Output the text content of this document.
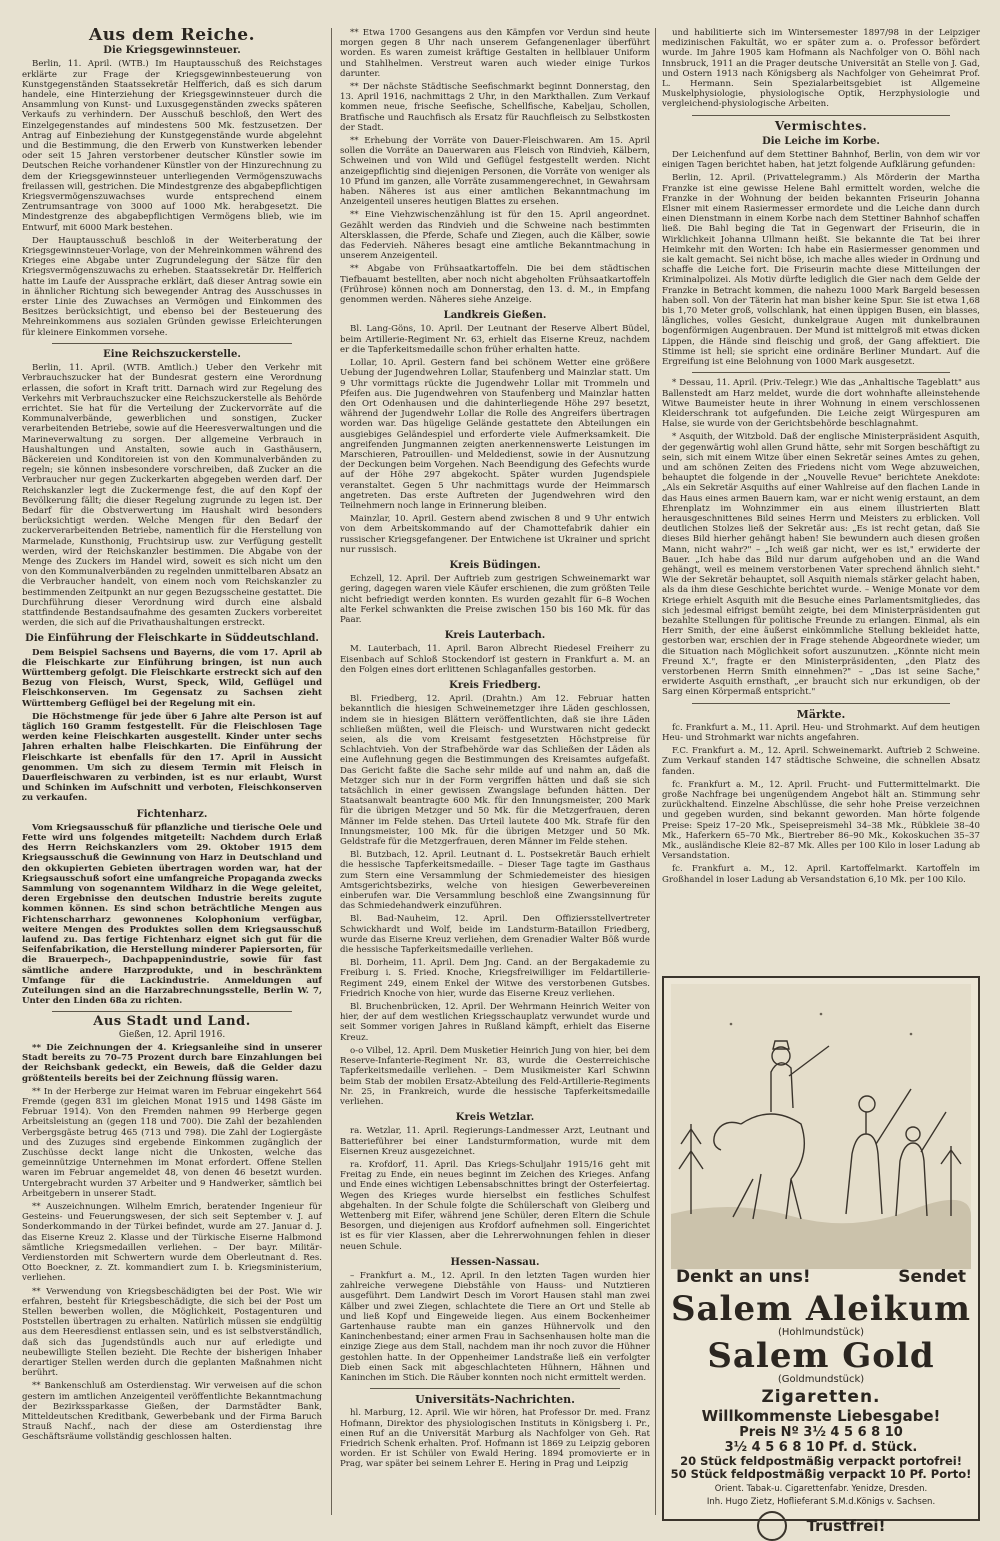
Aus dem Reiche.
Die Kriegsgewinnsteuer.

Berlin, 11. April. (WTB.) Im Hauptausschuß des Reichstages erklärte zur Frage der Kriegsgewinnbesteuerung von Kunstgegenständen Staatssekretär Helfferich, daß es sich darum handele, eine Hinterziehung der Kriegsgewinnsteuer durch die Ansammlung von Kunst- und Luxusgegenständen zwecks späteren Verkaufs zu verhindern. Der Ausschuß beschloß, den Wert des Einzelgegenstandes auf mindestens 500 Mk. festzusetzen. Der Antrag auf Einbeziehung der Kunstgegenstände wurde abgelehnt und die Bestimmung, die den Erwerb von Kunstwerken lebender oder seit 15 Jahren verstorbener deutscher Künstler sowie im Deutschen Reiche vorhandener Künstler von der Hinzurechnung zu dem der Kriegsgewinnsteuer unterliegenden Vermögenszuwachs freilassen will, gestrichen. Die Mindestgrenze des abgabepflichtigen Kriegsvermögenszuwachses wurde entsprechend einem Zentrumsantrage von 3000 auf 1000 Mk. herabgesetzt. Die Mindestgrenze des abgabepflichtigen Vermögens blieb, wie im Entwurf, mit 6000 Mark bestehen.

Der Hauptausschuß beschloß in der Weiterberatung der Kriegsgewinnsteuer-Vorlage, von der Mehreinkommen während des Krieges eine Abgabe unter Zugrundelegung der Sätze für den Kriegsvermögenszuwachs zu erheben. Staatssekretär Dr. Helfferich hatte im Laufe der Aussprache erklärt, daß dieser Antrag sowie ein in ähnlicher Richtung sich bewegender Antrag des Ausschusses in erster Linie des Zuwachses an Vermögen und Einkommen des Besitzes berücksichtigt, und ebenso bei der Besteuerung des Mehreinkommens aus sozialen Gründen gewisse Erleichterungen für kleinere Einkommen vorsehe.

Eine Reichszuckerstelle.

Berlin, 11. April. (WTB. Amtlich.) Ueber den Verkehr mit Verbrauchszucker hat der Bundesrat gestern eine Verordnung erlassen, die sofort in Kraft tritt. Darnach wird zur Regelung des Verkehrs mit Verbrauchszucker eine Reichszuckerstelle als Behörde errichtet. Sie hat für die Verteilung der Zuckervorräte auf die Kommunalverbände, gewerblichen und sonstigen, Zucker verarbeitenden Betriebe, sowie auf die Heeresverwaltungen und die Marineverwaltung zu sorgen. Der allgemeine Verbrauch in Haushaltungen und Anstalten, sowie auch in Gasthäusern, Bäckereien und Konditoreien ist von den Kommunalverbänden zu regeln; sie können insbesondere vorschreiben, daß Zucker an die Verbraucher nur gegen Zuckerkarten abgegeben werden darf. Der Reichskanzler legt die Zuckermenge fest, die auf den Kopf der Bevölkerung fällt; die dieser Regelung zugrunde zu legen ist. Der Bedarf für die Obstverwertung im Haushalt wird besonders berücksichtigt werden. Welche Mengen für den Bedarf der zuckerverarbeitenden Betriebe, namentlich für die Herstellung von Marmelade, Kunsthonig, Fruchtsirup usw. zur Verfügung gestellt werden, wird der Reichskanzler bestimmen. Die Abgabe von der Menge des Zuckers im Handel wird, soweit es sich nicht um den von den Kommunalverbänden zu regelnden unmittelbaren Absatz an die Verbraucher handelt, von einem noch vom Reichskanzler zu bestimmenden Zeitpunkt an nur gegen Bezugsscheine gestattet. Die Durchführung dieser Verordnung wird durch eine alsbald stattfindende Bestandsaufnahme des gesamten Zuckers vorbereitet werden, die sich auf die Privathaushaltungen erstreckt.

Die Einführung der Fleischkarte in Süddeutschland.

Dem Beispiel Sachsens und Bayerns, die vom 17. April ab die Fleischkarte zur Einführung bringen, ist nun auch Württemberg gefolgt. Die Fleischkarte erstreckt sich auf den Bezug von Fleisch, Wurst, Speck, Wild, Geflügel und Fleischkonserven. Im Gegensatz zu Sachsen zieht Württemberg Geflügel bei der Regelung mit ein.

Die Höchstmenge für jede über 6 Jahre alte Person ist auf täglich 160 Gramm festgestellt. Für die Fleischlosen Tage werden keine Fleischkarten ausgestellt. Kinder unter sechs Jahren erhalten halbe Fleischkarten. Die Einführung der Fleischkarte ist ebenfalls für den 17. April in Aussicht genommen. Um sich zu diesem Termin mit Fleisch in Dauerfleischwaren zu verbinden, ist es nur erlaubt, Wurst und Schinken im Aufschnitt und verboten, Fleischkonserven zu verkaufen.

Fichtenharz.

Vom Kriegsausschuß für pflanzliche und tierische Oele und Fette wird uns folgendes mitgeteilt: Nachdem durch Erlaß des Herrn Reichskanzlers vom 29. Oktober 1915 dem Kriegsausschuß die Gewinnung von Harz in Deutschland und den okkupierten Gebieten übertragen worden war, hat der Kriegsausschuß sofort eine umfangreiche Propaganda zwecks Sammlung von sogenanntem Wildharz in die Wege geleitet, deren Ergebnisse den deutschen Industrie bereits zugute kommen können. Es sind schon beträchtliche Mengen aus Fichtenscharrharz gewonnenes Kolophonium verfügbar, weitere Mengen des Produktes sollen dem Kriegsausschuß laufend zu. Das fertige Fichtenharz eignet sich gut für die Seifenfabrikation, die Herstellung minderer Papiersorten, für die Brauerpech-, Dachpappenindustrie, sowie für fast sämtliche andere Harzprodukte, und in beschränktem Umfange für die Lackindustrie. Anmeldungen auf Zuteilungen sind an die Harzabrechnungsstelle, Berlin W. 7, Unter den Linden 68a zu richten.

Aus Stadt und Land.
Gießen, 12. April 1916.

** Die Zeichnungen der 4. Kriegsanleihe sind in unserer Stadt bereits zu 70–75 Prozent durch bare Einzahlungen bei der Reichsbank gedeckt, ein Beweis, daß die Gelder dazu größtenteils bereits bei der Zeichnung flüssig waren.

** In der Herberge zur Heimat waren im Februar eingekehrt 564 Fremde (gegen 831 im gleichen Monat 1915 und 1498 Gäste im Februar 1914). Von den Fremden nahmen 99 Herberge gegen Arbeitsleistung an (gegen 118 und 700). Die Zahl der bezahlenden Verbergsgäste betrug 465 (713 und 798). Die Zahl der Logiergäste und des Zuzuges sind ergebende Einkommen zugänglich der Zuschüsse deckt lange nicht die Unkosten, welche das gemeinnützige Unternehmen im Monat erfordert. Offene Stellen waren im Februar angemeldet 48, von denen 46 besetzt wurden. Untergebracht wurden 37 Arbeiter und 9 Handwerker, sämtlich bei Arbeitgebern in unserer Stadt.

** Auszeichnungen. Wilhelm Emrich, beratender Ingenieur für Gesteins- und Feuerungswesen, der sich seit September v. J. auf Sonderkommando in der Türkei befindet, wurde am 27. Januar d. J. das Eiserne Kreuz 2. Klasse und der Türkische Eiserne Halbmond sämtliche Kriegsmedaillen verliehen. – Der bayr. Militär-Verdienstorden mit Schwertern wurde dem Oberleutnant d. Res. Otto Boeckner, z. Zt. kommandiert zum I. b. Kriegsministerium, verliehen.

** Verwendung von Kriegsbeschädigten bei der Post. Wie wir erfahren, besteht für Kriegsbeschädigte, die sich bei der Post um Stellen bewerben wollen, die Möglichkeit, Postagenturen und Poststellen übertragen zu erhalten. Natürlich müssen sie endgültig aus dem Heeresdienst entlassen sein, und es ist selbstverständlich, daß sich das Jugendstündls auch nur auf erledigte und neubewilligte Stellen bezieht. Die Rechte der bisherigen Inhaber derartiger Stellen werden durch die geplanten Maßnahmen nicht berührt.

** Bankenschluß am Osterdienstag. Wir verweisen auf die schon gestern im amtlichen Anzeigenteil veröffentlichte Bekanntmachung der Bezirkssparkasse Gießen, der Darmstädter Bank, Mitteldeutschen Kreditbank, Gewerbebank und der Firma Baruch Strauß Nachf., nach der diese am Osterdienstag ihre Geschäftsräume vollständig geschlossen halten.

** Etwa 1700 Gesangens aus den Kämpfen vor Verdun sind heute morgen gegen 8 Uhr nach unserem Gefangenenlager überführt worden. Es waren zumeist kräftige Gestalten in hellblauer Uniform und Stahlhelmen. Verstreut waren auch wieder einige Turkos darunter.

** Der nächste Städtische Seefischmarkt beginnt Donnerstag, den 13. April 1916, nachmittags 2 Uhr, in den Markthallen. Zum Verkauf kommen neue, frische Seefische, Schellfische, Kabeljau, Schollen, Bratfische und Rauchfisch als Ersatz für Rauchfleisch zu Selbstkosten der Stadt.

** Erhebung der Vorräte von Dauer-Fleischwaren. Am 15. April sollen die Vorräte an Dauerwaren aus Fleisch von Rindvieh, Kälbern, Schweinen und von Wild und Geflügel festgestellt werden. Nicht anzeigepflichtig sind diejenigen Personen, die Vorräte von weniger als 10 Pfund im ganzen, alle Vorräte zusammengerechnet, in Gewahrsam haben. Näheres ist aus einer amtlichen Bekanntmachung im Anzeigenteil unseres heutigen Blattes zu ersehen.

** Eine Viehzwischenzählung ist für den 15. April angeordnet. Gezählt werden das Rindvieh und die Schweine nach bestimmten Altersklassen, die Pferde, Schafe und Ziegen, auch die Kälber, sowie das Federvieh. Näheres besagt eine amtliche Bekanntmachung in unserem Anzeigenteil.

** Abgabe von Frühsaatkartoffeln. Die bei dem städtischen Tiefbauamt bestellten, aber noch nicht abgeholten Frühsaatkartoffeln (Frührose) können noch am Donnerstag, den 13. d. M., in Empfang genommen werden. Näheres siehe Anzeige.

Landkreis Gießen.

Bl. Lang-Göns, 10. April. Der Leutnant der Reserve Albert Büdel, beim Artillerie-Regiment Nr. 63, erhielt das Eiserne Kreuz, nachdem er die Tapferkeitsmedaille schon früher erhalten hatte.

Lollar, 10. April. Gestern fand bei schönem Wetter eine größere Uebung der Jugendwehren Lollar, Staufenberg und Mainzlar statt. Um 9 Uhr vormittags rückte die Jugendwehr Lollar mit Trommeln und Pfeifen aus. Die Jugendwehren von Staufenberg und Mainzlar hatten den Ort Odenhausen und die dahinterliegende Höhe 297 besetzt, während der Jugendwehr Lollar die Rolle des Angreifers übertragen worden war. Das hügelige Gelände gestattete den Abteilungen ein ausgiebiges Geländespiel und erforderte viele Aufmerksamkeit. Die angreifenden Jungmannen zeigten anerkennenswerte Leistungen im Marschieren, Patrouillen- und Meldedienst, sowie in der Ausnutzung der Deckungen beim Vorgehen. Nach Beendigung des Gefechts wurde auf der Höhe 297 abgekocht. Später wurden Jugendspiele veranstaltet. Gegen 5 Uhr nachmittags wurde der Heimmarsch angetreten. Das erste Auftreten der Jugendwehren wird den Teilnehmern noch lange in Erinnerung bleiben.

Mainzlar, 10. April. Gestern abend zwischen 8 und 9 Uhr entwich von dem Arbeitskommando auf der Chamottefabrik dahier ein russischer Kriegsgefangener. Der Entwichene ist Ukrainer und spricht nur russisch.

Kreis Büdingen.

Echzell, 12. April. Der Auftrieb zum gestrigen Schweinemarkt war gering, dagegen waren viele Käufer erschienen, die zum größten Teile nicht befriedigt werden konnten. Es wurden gezahlt für 6–8 Wochen alte Ferkel schwankten die Preise zwischen 150 bis 160 Mk. für das Paar.

Kreis Lauterbach.

M. Lauterbach, 11. April. Baron Albrecht Riedesel Freiherr zu Eisenbach auf Schloß Stockendorf ist gestern in Frankfurt a. M. an den Folgen eines dort erlittenen Schlaganfalles gestorben.

Kreis Friedberg.

Bl. Friedberg, 12. April. (Drahtn.) Am 12. Februar hatten bekanntlich die hiesigen Schweinemetzger ihre Läden geschlossen, indem sie in hiesigen Blättern veröffentlichten, daß sie ihre Läden schließen müßten, weil die Fleisch- und Wurstwaren nicht gedeckt seien, als die vom Kreisamt festgesetzten Höchstpreise für Schlachtvieh. Von der Strafbehörde war das Schließen der Läden als eine Auflehnung gegen die Bestimmungen des Kreisamtes aufgefaßt. Das Gericht faßte die Sache sehr milde auf und nahm an, daß die Metzger sich nur in der Form vergriffen hätten und daß sie sich tatsächlich in einer gewissen Zwangslage befunden hätten. Der Staatsanwalt beantragte 600 Mk. für den Innungsmeister, 200 Mark für die übrigen Metzger und 50 Mk. für die Metzgerfrauen, deren Männer im Felde stehen. Das Urteil lautete 400 Mk. Strafe für den Innungsmeister, 100 Mk. für die übrigen Metzger und 50 Mk. Geldstrafe für die Metzgerfrauen, deren Männer im Felde stehen.

Bl. Butzbach, 12. April. Leutnant d. L. Postsekretär Bauch erhielt die hessische Tapferkeitsmedaille. – Dieser Tage tagte im Gasthaus zum Stern eine Versammlung der Schmiedemeister des hiesigen Amtsgerichtsbezirks, welche von hiesigen Gewerbevereinen einberufen war. Die Versammlung beschloß eine Zwangsinnung für das Schmiedehandwerk einzuführen.

Bl. Bad-Nauheim, 12. April. Den Offiziersstellvertreter Schwickhardt und Wolf, beide im Landsturm-Bataillon Friedberg, wurde das Eiserne Kreuz verliehen, dem Grenadier Walter Böß wurde die hessische Tapferkeitsmedaille verliehen.

Bl. Dorheim, 11. April. Dem Jng. Cand. an der Bergakademie zu Freiburg i. S. Fried. Knoche, Kriegsfreiwilliger im Feldartillerie-Regiment 249, einem Enkel der Witwe des verstorbenen Gutsbes. Friedrich Knoche von hier, wurde das Eiserne Kreuz verliehen.

Bl. Bruchenbrücken, 12. April. Der Wehrmann Heinrich Weiter von hier, der auf dem westlichen Kriegsschauplatz verwundet wurde und seit Sommer vorigen Jahres in Rußland kämpft, erhielt das Eiserne Kreuz.

o-o Vilbel, 12. April. Dem Musketier Heinrich Jung von hier, bei dem Reserve-Infanterie-Regiment Nr. 83, wurde die Oesterreichische Tapferkeitsmedaille verliehen. – Dem Musikmeister Karl Schwinn beim Stab der mobilen Ersatz-Abteilung des Feld-Artillerie-Regiments Nr. 25, in Frankreich, wurde die hessische Tapferkeitsmedaille verliehen.

Kreis Wetzlar.

ra. Wetzlar, 11. April. Regierungs-Landmesser Arzt, Leutnant und Batterieführer bei einer Landsturmformation, wurde mit dem Eisernen Kreuz ausgezeichnet.

ra. Krofdorf, 11. April. Das Kriegs-Schuljahr 1915/16 geht mit Freitag zu Ende, ein neues beginnt im Zeichen des Krieges. Anfang und Ende eines wichtigen Lebensabschnittes bringt der Osterfeiertag. Wegen des Krieges wurde hierselbst ein festliches Schulfest abgehalten. In der Schule folgte die Schülerschaft von Gleiberg und Wettenberg mit Eifer, während jene Schüler, deren Eltern die Schule Besorgen, und diejenigen aus Krofdorf aufnehmen soll. Eingerichtet ist es für vier Klassen, aber die Lehrerwohnungen fehlen in dieser neuen Schule.

Hessen-Nassau.

– Frankfurt a. M., 12. April. In den letzten Tagen wurden hier zahlreiche verwegene Diebstähle von Hauss- und Nutztieren ausgeführt. Dem Landwirt Desch im Vorort Hausen stahl man zwei Kälber und zwei Ziegen, schlachtete die Tiere an Ort und Stelle ab und ließ Kopf und Eingeweide liegen. Aus einem Bockenheimer Gartenhause raubte man ein ganzes Hühnervolk und den Kaninchenbestand; einer armen Frau in Sachsenhausen holte man die einzige Ziege aus dem Stall, nachdem man ihr noch zuvor die Hühner gestohlen hatte. In der Oppenheimer Landstraße ließ ein verfolgter Dieb einen Sack mit abgeschlachteten Hühnern, Hähnen und Kaninchen im Stich. Die Räuber konnten noch nicht ermittelt werden.

Universitäts-Nachrichten.

hl. Marburg, 12. April. Wie wir hören, hat Professor Dr. med. Franz Hofmann, Direktor des physiologischen Instituts in Königsberg i. Pr., einen Ruf an die Universität Marburg als Nachfolger von Geh. Rat Friedrich Schenk erhalten. Prof. Hofmann ist 1869 zu Leipzig geboren worden. Er ist Schüler von Ewald Hering. 1894 promovierte er in Prag, war später bei seinem Lehrer E. Hering in Prag und Leipzig

und habilitierte sich im Wintersemester 1897/98 in der Leipziger medizinischen Fakultät, wo er später zum a. o. Professor befördert wurde. Im Jahre 1905 kam Hofmann als Nachfolger von O. Böhl nach Innsbruck, 1911 an die Prager deutsche Universität an Stelle von J. Gad, und Ostern 1913 nach Königsberg als Nachfolger von Geheimrat Prof. L. Hermann. Sein Spezialarbeitsgebiet ist Allgemeine Muskelphysiologie, physiologische Optik, Herzphysiologie und vergleichend-physiologische Arbeiten.

Vermischtes.
Die Leiche im Korbe.

Der Leichenfund auf dem Stettiner Bahnhof, Berlin, von dem wir vor einigen Tagen berichtet haben, hat jetzt folgende Aufklärung gefunden:

Berlin, 12. April. (Privattelegramm.) Als Mörderin der Martha Franzke ist eine gewisse Helene Bahl ermittelt worden, welche die Franzke in der Wohnung der beiden bekannten Friseurin Johanna Elsner mit einem Rasiermesser ermordete und die Leiche dann durch einen Dienstmann in einem Korbe nach dem Stettiner Bahnhof schaffen ließ. Die Bahl beging die Tat in Gegenwart der Friseurin, die in Wirklichkeit Johanna Ullmann heißt. Sie bekannte die Tat bei ihrer Heimkehr mit den Worten: Ich habe ein Rasiermesser genommen und sie kalt gemacht. Sei nicht böse, ich mache alles wieder in Ordnung und schaffe die Leiche fort. Die Friseurin machte diese Mitteilungen der Kriminalpolizei. Als Motiv dürfte lediglich die Gier nach dem Gelde der Franzke in Betracht kommen, die nahezu 1000 Mark Bargeld besessen haben soll. Von der Täterin hat man bisher keine Spur. Sie ist etwa 1,68 bis 1,70 Meter groß, vollschlank, hat einen üppigen Busen, ein blasses, längliches, volles Gesicht, dunkelgraue Augen mit dunkelbraunen bogenförmigen Augenbrauen. Der Mund ist mittelgroß mit etwas dicken Lippen, die Hände sind fleischig und groß, der Gang affektiert. Die Stimme ist hell; sie spricht eine ordinäre Berliner Mundart. Auf die Ergreifung ist eine Belohnung von 1000 Mark ausgesetzt.

* Dessau, 11. April. (Priv.-Telegr.) Wie das „Anhaltische Tageblatt" aus Ballenstedt am Harz meldet, wurde die dort wohnhafte alleinstehende Witwe Baumeister heute in ihrer Wohnung in einem verschlossenen Kleiderschrank tot aufgefunden. Die Leiche zeigt Würgespuren am Halse, sie wurde von der Gerichtsbehörde beschlagnahmt.

* Asquith, der Witzbold. Daß der englische Ministerpräsident Asquith, der gegenwärtig wohl allen Grund hätte, sehr mit Sorgen beschäftigt zu sein, sich mit einem Witze über einen Sekretär seines Amtes zu gehen, und am schönen Zeiten des Friedens nicht vom Wege abzuweichen, behauptet die folgende in der „Nouvelle Revue" berichtete Anekdote: „Als ein Sekretär Asquiths auf einer Wahlreise auf den flachen Lande in das Haus eines armen Bauern kam, war er nicht wenig erstaunt, an dem Ehrenplatz im Wohnzimmer ein aus einem illustrierten Blatt herausgeschnittenes Bild seines Herrn und Meisters zu erblicken. Voll deutlichen Stolzes ließ der Sekretär aus: „Es ist recht getan, daß Sie dieses Bild hierher gehängt haben! Sie bewundern auch diesen großen Mann, nicht wahr?" – „Ich weiß gar nicht, wer es ist," erwiderte der Bauer. „Ich habe das Bild nur darum aufgehoben und an die Wand gehängt, weil es meinem verstorbenen Vater sprechend ähnlich sieht." Wie der Sekretär behauptet, soll Asquith niemals stärker gelacht haben, als da ihm diese Geschichte berichtet wurde. – Wenige Monate vor dem Kriege erhielt Asquith mit die Besuche eines Parlamentsmitgliedes, das sich jedesmal eifrigst bemüht zeigte, bei dem Ministerpräsidenten gut bezahlte Stellungen für politische Freunde zu erlangen. Einmal, als ein Herr Smith, der eine äußerst einkömmliche Stellung bekleidet hatte, gestorben war, erschien der in Frage stehende Abgeordnete wieder, um die Situation nach Möglichkeit sofort auszunutzen. „Könnte nicht mein Freund X.", fragte er den Ministerpräsidenten, „den Platz des verstorbenen Herrn Smith einnehmen?" – „Das ist seine Sache," erwiderte Asquith ernsthaft, „er braucht sich nur erkundigen, ob der Sarg einen Körpermaß entspricht."

Märkte.

fc. Frankfurt a. M., 11. April. Heu- und Strohmarkt. Auf dem heutigen Heu- und Strohmarkt war nichts angefahren.

F.C. Frankfurt a. M., 12. April. Schweinemarkt. Auftrieb 2 Schweine. Zum Verkauf standen 147 städtische Schweine, die schnellen Absatz fanden.

fc. Frankfurt a. M., 12. April. Frucht- und Futtermittelmarkt. Die große Nachfrage bei ungenügendem Angebot hält an. Stimmung sehr zurückhaltend. Einzelne Abschlüsse, die sehr hohe Preise verzeichnen und gegeben wurden, sind bekannt geworden. Man hörte folgende Preise: Speiz 17–20 Mk., Speisepreismehl 34–38 Mk., Rübkleie 38–40 Mk., Haferkern 65–70 Mk., Biertreber 86–90 Mk., Kokoskuchen 35–37 Mk., ausländische Kleie 82–87 Mk. Alles per 100 Kilo in loser Ladung ab Versandstation.

fc. Frankfurt a. M., 12. April. Kartoffelmarkt. Kartoffeln im Großhandel in loser Ladung ab Versandstation 6,10 Mk. per 100 Kilo.

Denkt an uns!	Sendet
Salem Aleikum
(Hohlmundstück)
Salem Gold
(Goldmundstück)
Zigaretten.
Willkommenste Liebesgabe!
Preis Nº 3½ 4 5 6 8 10
3½ 4 5 6 8 10 Pf. d. Stück.
20 Stück feldpostmäßig verpackt portofrei!
50 Stück feldpostmäßig verpackt 10 Pf. Porto!
Orient. Tabak-u. Cigarettenfabr. Yenidze, Dresden.
Inh. Hugo Zietz, Hoflieferant S.M.d.Königs v. Sachsen.
Trustfrei!
